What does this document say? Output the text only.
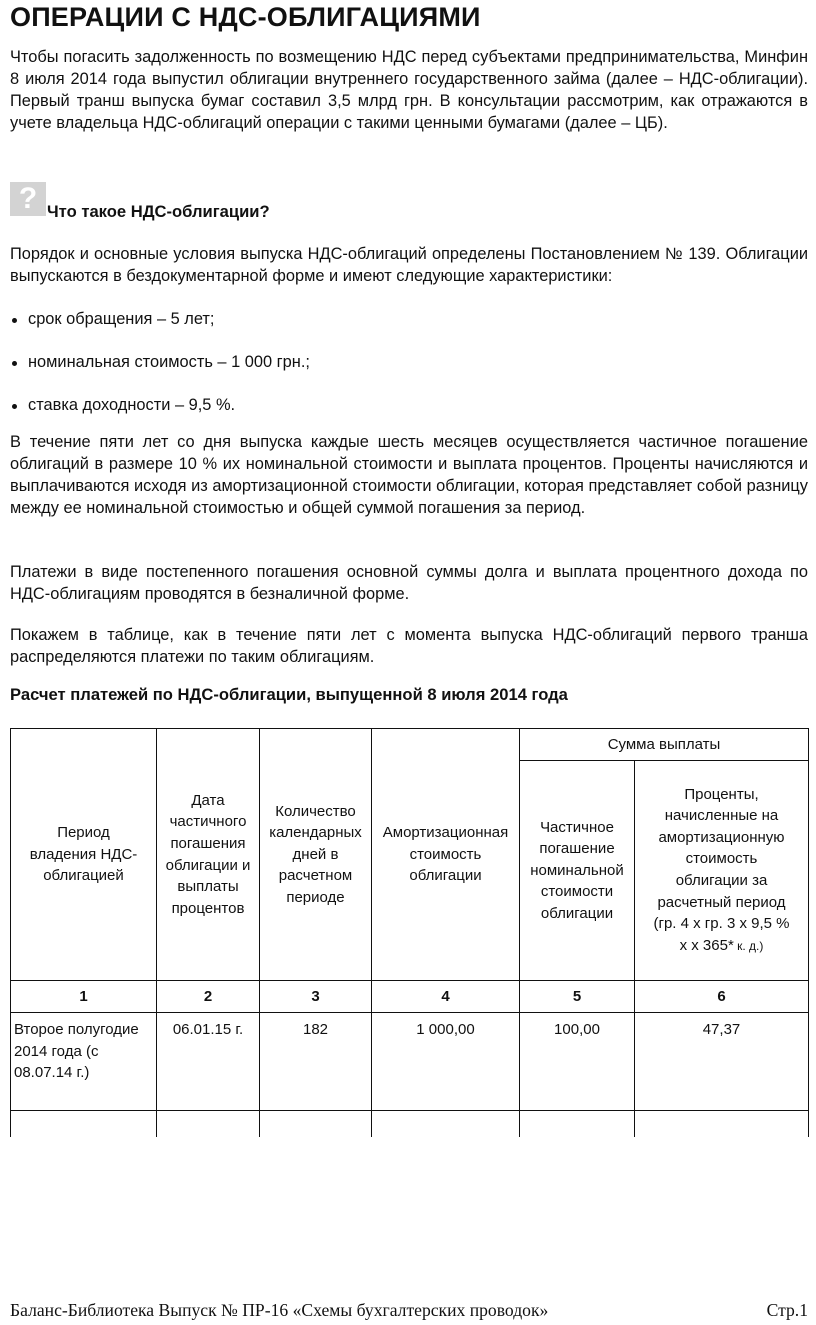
ОПЕРАЦИИ С НДС-ОБЛИГАЦИЯМИ

Чтобы погасить задолженность по возмещению НДС перед субъектами предпринимательства, Минфин 8 июля 2014 года выпустил облигации внутреннего государственного займа (далее – НДС-облигации). Первый транш выпуска бумаг составил 3,5 млрд грн. В консультации рассмотрим, как отражаются в учете владельца НДС-облигаций операции с такими ценными бумагами (далее – ЦБ).

? Что такое НДС-облигации?

Порядок и основные условия выпуска НДС-облигаций определены Постановлением № 139. Облигации выпускаются в бездокументарной форме и имеют следующие характеристики:

срок обращения – 5 лет;
номинальная стоимость – 1 000 грн.;
ставка доходности – 9,5 %.

В течение пяти лет со дня выпуска каждые шесть месяцев осуществляется частичное погашение облигаций в размере 10 % их номинальной стоимости и выплата процентов. Проценты начисляются и выплачиваются исходя из амортизационной стоимости облигации, которая представляет собой разницу между ее номинальной стоимостью и общей суммой погашения за период.

Платежи в виде постепенного погашения основной суммы долга и выплата процентного дохода по НДС-облигациям проводятся в безналичной форме.

Покажем в таблице, как в течение пяти лет с момента выпуска НДС-облигаций первого транша распределяются платежи по таким облигациям.

Расчет платежей по НДС-облигации, выпущенной 8 июля 2014 года
Период владения НДС-облигацией	Дата частичного погашения облигации и выплаты процентов	Количество календарных дней в расчетном периоде	Амортизационная стоимость облигации	Сумма выплаты	
				Частичное погашение номинальной стоимости облигации	Проценты, начисленные на амортизационную стоимость облигации за расчетный период (гр. 4 х гр. 3 х 9,5 % х х 365* к. д.)
1	2	3	4	5	6
Второе полугодие 2014 года (с 08.07.14 г.)	06.01.15 г.	182	1 000,00	100,00	47,37

Баланс-Библиотека Выпуск № ПР-16 «Схемы бухгалтерских проводок»	Стр.1
